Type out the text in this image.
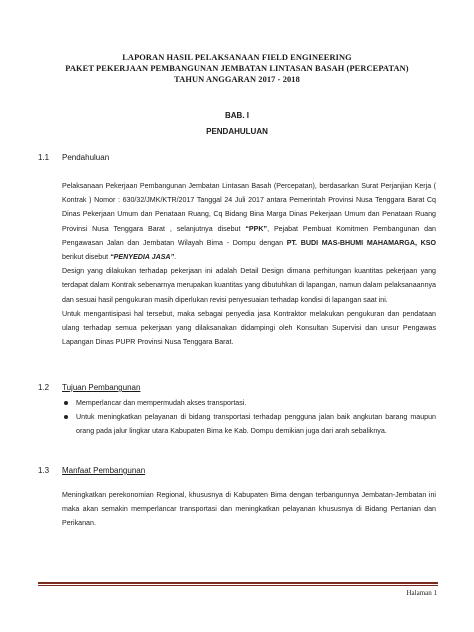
LAPORAN HASIL PELAKSANAAN FIELD ENGINEERING
PAKET PEKERJAAN PEMBANGUNAN JEMBATAN LINTASAN BASAH (PERCEPATAN)
TAHUN ANGGARAN 2017 - 2018
BAB. I
PENDAHULUAN
1.1 Pendahuluan

Pelaksanaan Pekerjaan Pembangunan Jembatan Lintasan Basah (Percepatan), berdasarkan Surat Perjanjian Kerja ( Kontrak ) Nomor : 630/32/JMK/KTR/2017 Tanggal 24 Juli 2017 antara Pemerintah Provinsi Nusa Tenggara Barat Cq Dinas Pekerjaan Umum dan Penataan Ruang, Cq Bidang Bina Marga Dinas Pekerjaan Umum dan Penataan Ruang Provinsi Nusa Tenggara Barat , selanjutnya disebut “PPK”, Pejabat Pembuat Komitmen Pembangunan dan Pengawasan Jalan dan Jembatan Wilayah Bima - Dompu dengan PT. BUDI MAS-BHUMI MAHAMARGA, KSO berikut disebut “PENYEDIA JASA”.

Design yang dilakukan terhadap pekerjaan ini adalah Detail Design dimana perhitungan kuantitas pekerjaan yang terdapat dalam Kontrak sebenarnya merupakan kuantitas yang dibutuhkan di lapangan, namun dalam pelaksanaannya dan sesuai hasil pengukuran masih diperlukan revisi penyesuaian terhadap kondisi di lapangan saat ini.

Untuk mengantisipasi hal tersebut, maka sebagai penyedia jasa Kontraktor melakukan pengukuran dan pendataan ulang terhadap semua pekerjaan yang dilaksanakan didampingi oleh Konsultan Supervisi dan unsur Pengawas Lapangan Dinas PUPR Provinsi Nusa Tenggara Barat.

1.2 Tujuan Pembangunan
Memperlancar dan mempermudah akses transportasi.
Untuk meningkatkan pelayanan di bidang transportasi terhadap pengguna jalan baik angkutan barang maupun orang pada jalur lingkar utara Kabupaten Bima ke Kab. Dompu demikian juga dari arah sebaliknya.
1.3 Manfaat Pembangunan

Meningkatkan perekonomian Regional, khususnya di Kabupaten Bima dengan terbangunnya Jembatan-Jembatan ini maka akan semakin memperlancar transportasi dan meningkatkan pelayanan khususnya di Bidang Pertanian dan Perikanan.

Halaman 1
